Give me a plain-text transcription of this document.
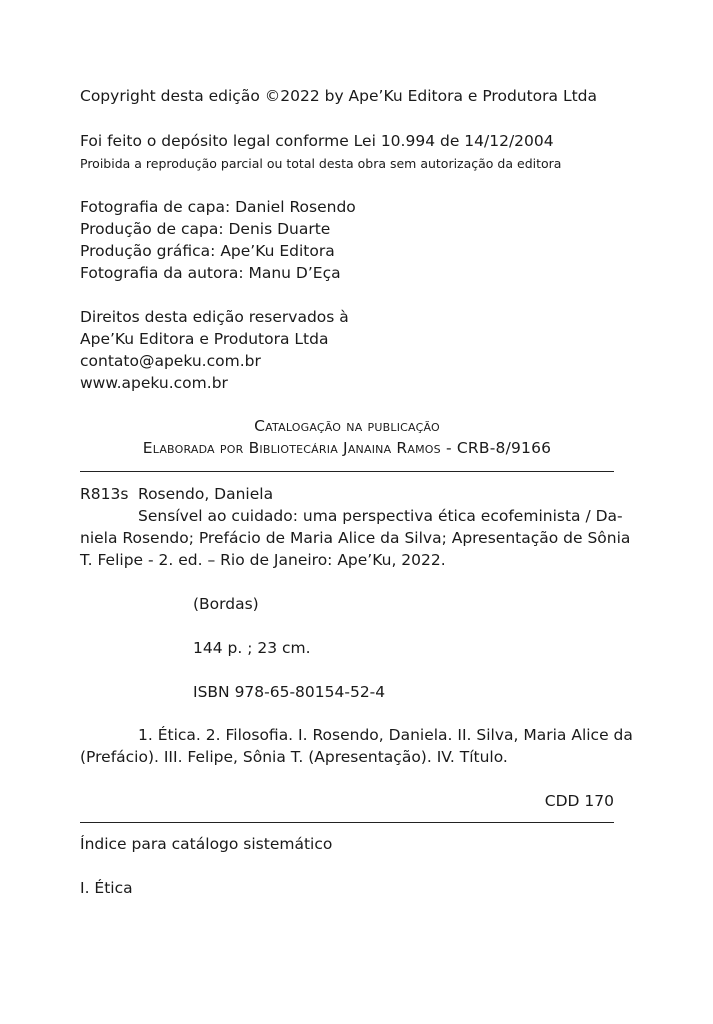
Copyright desta edição ©2022 by Ape’Ku Editora e Produtora Ltda
Foi feito o depósito legal conforme Lei 10.994 de 14/12/2004
Proibida a reprodução parcial ou total desta obra sem autorização da editora
Fotografia de capa: Daniel Rosendo
Produção de capa: Denis Duarte
Produção gráfica: Ape’Ku Editora
Fotografia da autora: Manu D’Eça
Direitos desta edição reservados à
Ape’Ku Editora e Produtora Ltda
contato@apeku.com.br
www.apeku.com.br
Catalogação na publicação
Elaborada por Bibliotecária Janaina Ramos - CRB-8/9166
R813s Rosendo, Daniela
Sensível ao cuidado: uma perspectiva ética ecofeminista / Da-
niela Rosendo; Prefácio de Maria Alice da Silva; Apresentação de Sônia
T. Felipe - 2. ed. – Rio de Janeiro: Ape’Ku, 2022.
(Bordas)
144 p. ; 23 cm.
ISBN 978-65-80154-52-4
1. Ética. 2. Filosofia. I. Rosendo, Daniela. II. Silva, Maria Alice da
(Prefácio). III. Felipe, Sônia T. (Apresentação). IV. Título.
CDD 170
Índice para catálogo sistemático
I. Ética
